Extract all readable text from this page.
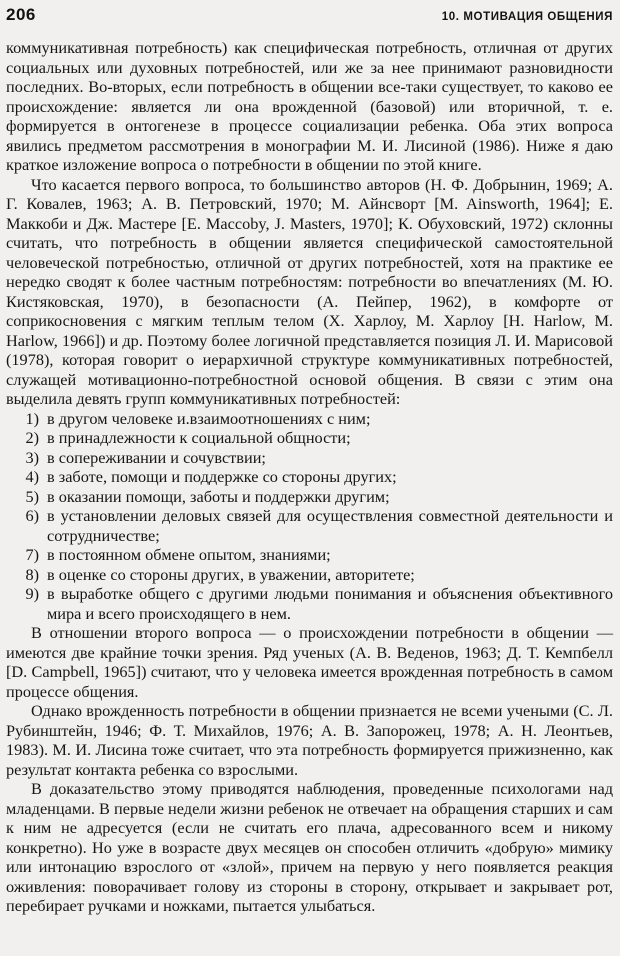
206	10. МОТИВАЦИЯ ОБЩЕНИЯ

коммуникативная потребность) как специфическая потребность, отличная от других социальных или духовных потребностей, или же за нее принимают разновидности последних. Во-вторых, если потребность в общении все-таки существует, то каково ее происхождение: является ли она врожденной (базовой) или вторичной, т. е. формируется в онтогенезе в процессе социализации ребенка. Оба этих вопроса явились предметом рассмотрения в монографии М. И. Лисиной (1986). Ниже я даю краткое изложение вопроса о потребности в общении по этой книге.

Что касается первого вопроса, то большинство авторов (Н. Ф. Добрынин, 1969; А. Г. Ковалев, 1963; А. В. Петровский, 1970; М. Айнсворт [M. Ainsworth, 1964]; Е. Маккоби и Дж. Мастере [E. Maccoby, J. Masters, 1970]; К. Обуховский, 1972) склонны считать, что потребность в общении является специфической самостоятельной человеческой потребностью, отличной от других потребностей, хотя на практике ее нередко сводят к более частным потребностям: потребности во впечатлениях (М. Ю. Кистяковская, 1970), в безопасности (А. Пейпер, 1962), в комфорте от соприкосновения с мягким теплым телом (Х. Харлоу, М. Харлоу [H. Harlow, M. Harlow, 1966]) и др. Поэтому более логичной представляется позиция Л. И. Марисовой (1978), которая говорит о иерархичной структуре коммуникативных потребностей, служащей мотивационно-потребностной основой общения. В связи с этим она выделила девять групп коммуникативных потребностей:

1) в другом человеке и.взаимоотношениях с ним;
2) в принадлежности к социальной общности;
3) в сопереживании и сочувствии;
4) в заботе, помощи и поддержке со стороны других;
5) в оказании помощи, заботы и поддержки другим;
6) в установлении деловых связей для осуществления совместной деятельности и сотрудничестве;
7) в постоянном обмене опытом, знаниями;
8) в оценке со стороны других, в уважении, авторитете;
9) в выработке общего с другими людьми понимания и объяснения объективного мира и всего происходящего в нем.

В отношении второго вопроса — о происхождении потребности в общении — имеются две крайние точки зрения. Ряд ученых (А. В. Веденов, 1963; Д. Т. Кемпбелл [D. Campbell, 1965]) считают, что у человека имеется врожденная потребность в самом процессе общения.

Однако врожденность потребности в общении признается не всеми учеными (С. Л. Рубинштейн, 1946; Ф. Т. Михайлов, 1976; А. В. Запорожец, 1978; А. Н. Леонтьев, 1983). М. И. Лисина тоже считает, что эта потребность формируется прижизненно, как результат контакта ребенка со взрослыми.

В доказательство этому приводятся наблюдения, проведенные психологами над младенцами. В первые недели жизни ребенок не отвечает на обращения старших и сам к ним не адресуется (если не считать его плача, адресованного всем и никому конкретно). Но уже в возрасте двух месяцев он способен отличить «добрую» мимику или интонацию взрослого от «злой», причем на первую у него появляется реакция оживления: поворачивает голову из стороны в сторону, открывает и закрывает рот, перебирает ручками и ножками, пытается улыбаться.
